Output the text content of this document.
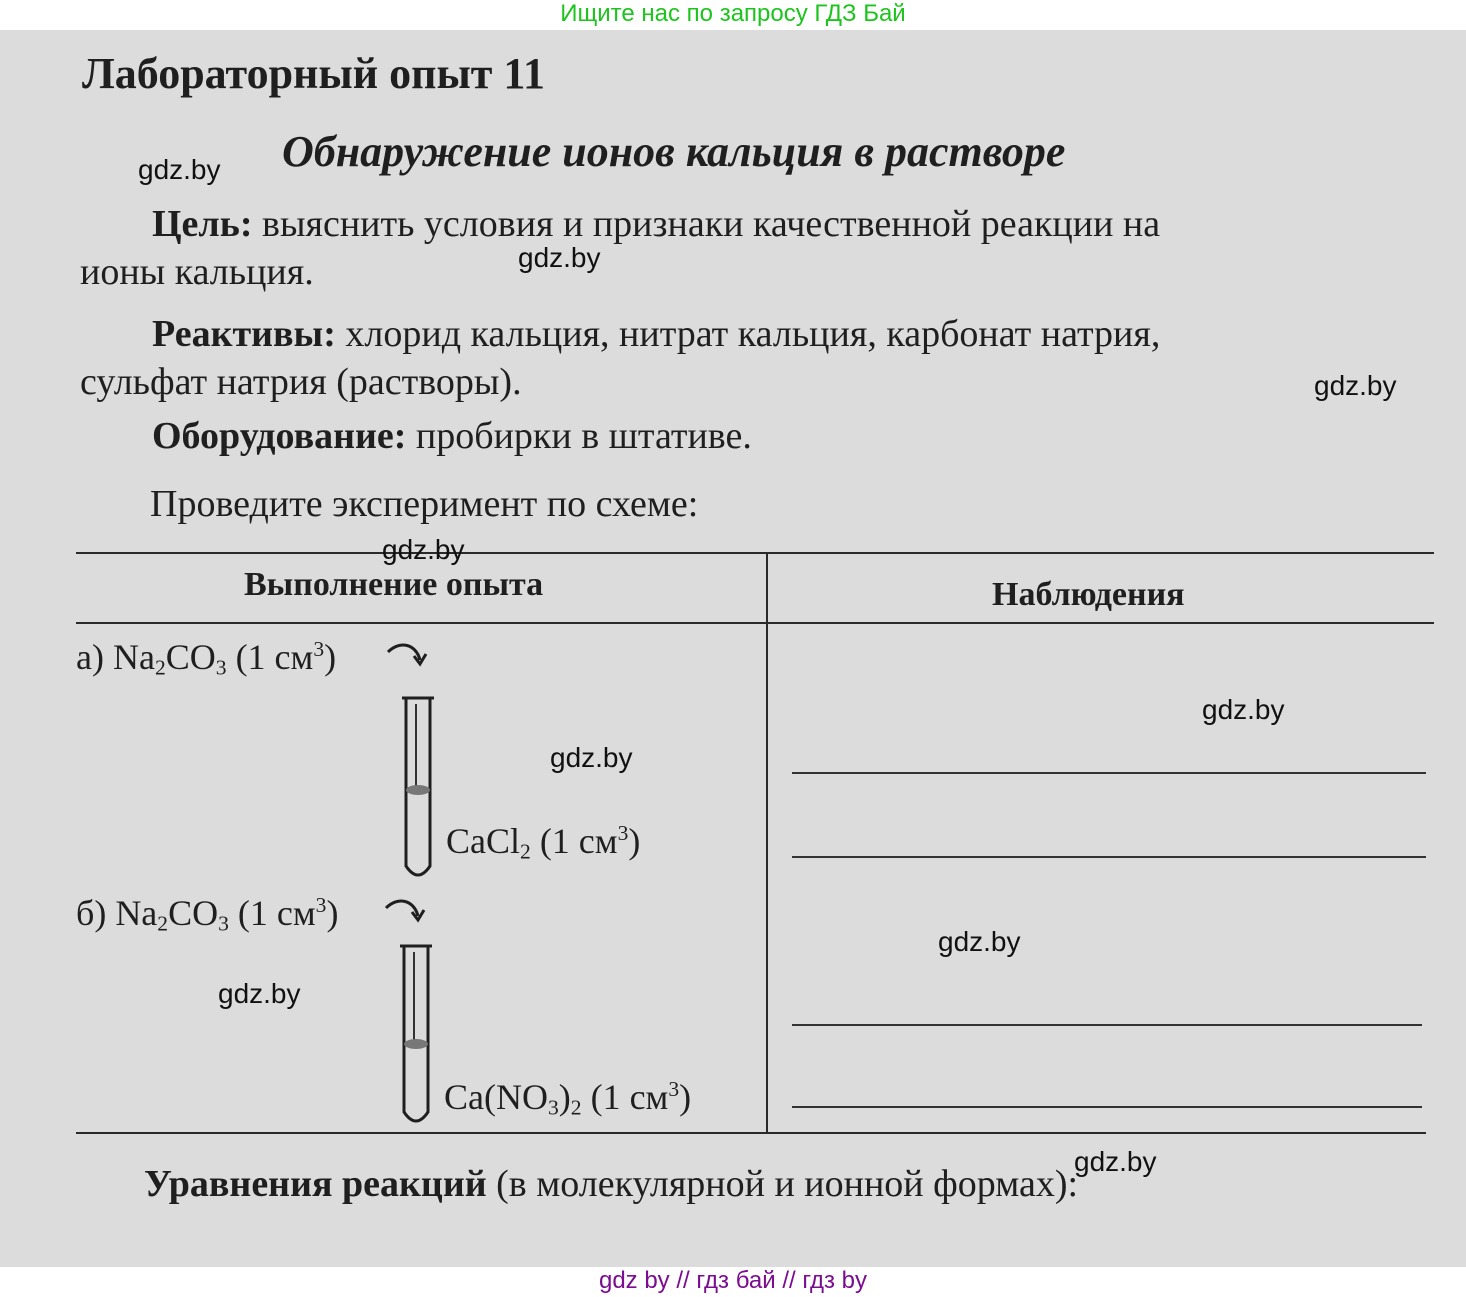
Ищите нас по запросу ГДЗ Бай
Лабораторный опыт 11
Обнаружение ионов кальция в растворе
Цель: выяснить условия и признаки качественной реакции на
ионы кальция.
Реактивы: хлорид кальция, нитрат кальция, карбонат натрия,
сульфат натрия (растворы).
Оборудование: пробирки в штативе.
Проведите эксперимент по схеме:
Выполнение опыта	Наблюдения
а) $Na_2CO_3$ (1 $см^3$)
CaCl$_2$ (1 $см^3$)
б) $Na_2CO_3$ (1 $см^3$)
$Ca(NO_3)_2$ (1 $см^3$)
Уравнения реакций (в молекулярной и ионной формах):
gdz.by
gdz.by
gdz.by
gdz.by
gdz.by
gdz.by
gdz.by
gdz.by
gdz.by
gdz by // гдз бай // гдз by
